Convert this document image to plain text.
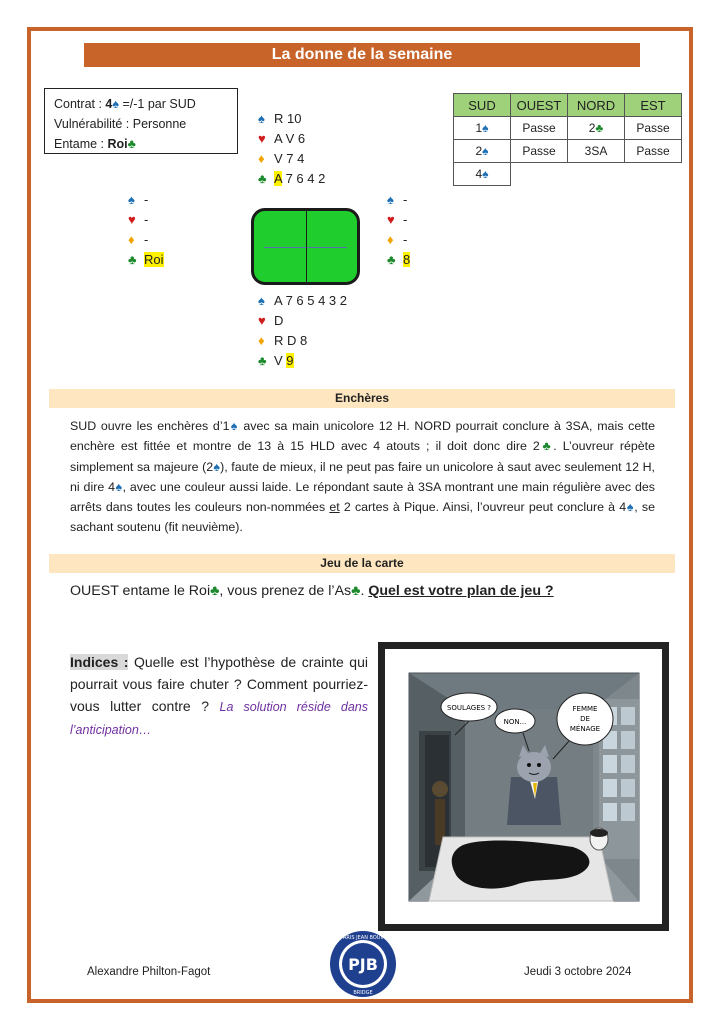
La donne de la semaine
Contrat : 4♠ =/-1 par SUD
Vulnérabilité : Personne
Entame : Roi♣
♠ R 10
♥ A V 6
♦ V 7 4
♣ A 7 6 4 2
♠ -
♥ -
♦ -
♣ Roi
♠ -
♥ -
♦ -
♣ 8
♠ A 7 6 5 4 3 2
♥ D
♦ R D 8
♣ V 9
SUD	OUEST	NORD	EST
1♠	Passe	2♣	Passe
2♠	Passe	3SA	Passe
4♠			
Enchères
SUD ouvre les enchères d’1♠ avec sa main unicolore 12 H. NORD pourrait conclure à 3SA, mais cette enchère est fittée et montre de 13 à 15 HLD avec 4 atouts ; il doit donc dire 2♣. L’ouvreur répète simplement sa majeure (2♠), faute de mieux, il ne peut pas faire un unicolore à saut avec seulement 12 H, ni dire 4♠, avec une couleur aussi laide. Le répondant saute à 3SA montrant une main régulière avec des arrêts dans toutes les couleurs non-nommées et 2 cartes à Pique. Ainsi, l’ouvreur peut conclure à 4♠, se sachant soutenu (fit neuvième).
Jeu de la carte
OUEST entame le Roi♣, vous prenez de l’As♣. Quel est votre plan de jeu ?
Indices : Quelle est l’hypothèse de crainte qui pourrait vous faire chuter ? Comment pourriez-vous lutter contre ? La solution réside dans l’anticipation…
SOULAGES ?
NON...
FEMME
DE
MÉNAGE
PJB
PARIS JEAN BOUIN
BRIDGE
Alexandre Philton-Fagot	Jeudi 3 octobre 2024
